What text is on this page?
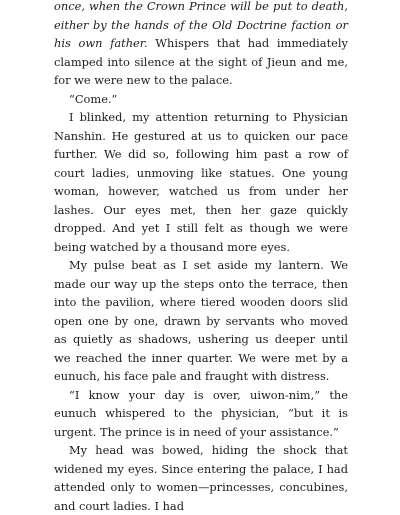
once, when the Crown Prince will be put to death, either by the hands of the Old Doctrine faction or his own father. Whispers that had immediately clamped into silence at the sight of Jieun and me, for we were new to the palace.

“Come.”

I blinked, my attention returning to Physician Nanshin. He gestured at us to quicken our pace further. We did so, following him past a row of court ladies, unmoving like statues. One young woman, however, watched us from under her lashes. Our eyes met, then her gaze quickly dropped. And yet I still felt as though we were being watched by a thousand more eyes.

My pulse beat as I set aside my lantern. We made our way up the steps onto the terrace, then into the pavilion, where tiered wooden doors slid open one by one, drawn by servants who moved as quietly as shadows, ushering us deeper until we reached the inner quarter. We were met by a eunuch, his face pale and fraught with distress.

“I know your day is over, uiwon-nim,” the eunuch whispered to the physician, “but it is urgent. The prince is in need of your assistance.”

My head was bowed, hiding the shock that widened my eyes. Since entering the palace, I had attended only to women—princesses, concubines, and court ladies. I had
